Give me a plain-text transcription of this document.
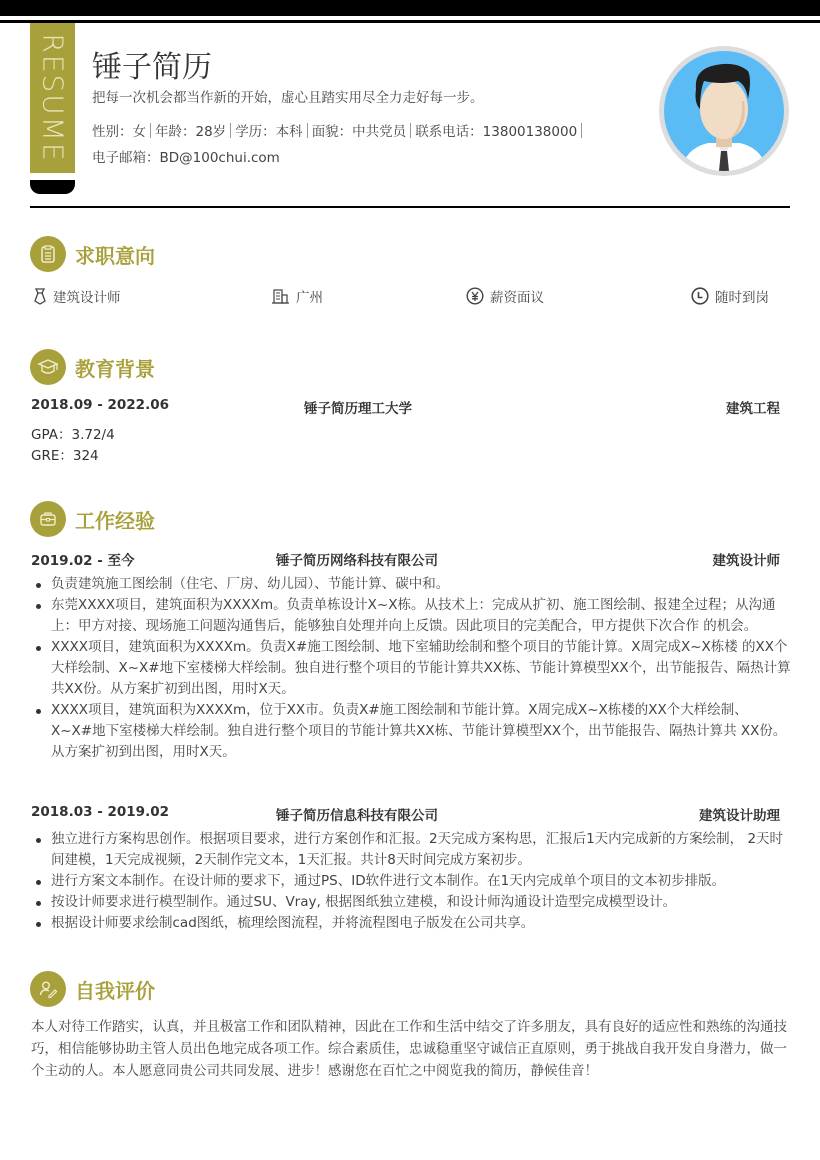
RESUME 锤子简历
把每一次机会都当作新的开始，虚心且踏实用尽全力走好每一步。
性别：女 年龄：28岁 学历：本科 面貌：中共党员 联系电话：13800138000
电子邮箱：BD@100chui.com
求职意向
建筑设计师	广州	薪资面议	随时到岗
教育背景
2018.09 - 2022.06	锤子简历理工大学	建筑工程
GPA：3.72/4
GRE：324
工作经验
2019.02 - 至今	锤子简历网络科技有限公司	建筑设计师
负责建筑施工图绘制（住宅、厂房、幼儿园）、节能计算、碳中和。
东莞XXXX项目，建筑面积为XXXXm。负责单栋设计X~X栋。从技术上：完成从扩初、施工图绘制、报建全过程；从沟通上：甲方对接、现场施工问题沟通售后，能够独自处理并向上反馈。因此项目的完美配合，甲方提供下次合作 的机会。
XXXX项目，建筑面积为XXXXm。负责X#施工图绘制、地下室辅助绘制和整个项目的节能计算。X周完成X~X栋楼 的XX个大样绘制、X~X#地下室楼梯大样绘制。独自进行整个项目的节能计算共XX栋、节能计算模型XX个，出节能报告、隔热计算共XX份。从方案扩初到出图，用时X天。
XXXX项目，建筑面积为XXXXm，位于XX市。负责X#施工图绘制和节能计算。X周完成X~X栋楼的XX个大样绘制、 X~X#地下室楼梯大样绘制。独自进行整个项目的节能计算共XX栋、节能计算模型XX个，出节能报告、隔热计算共 XX份。从方案扩初到出图，用时X天。
2018.03 - 2019.02	锤子简历信息科技有限公司	建筑设计助理
独立进行方案构思创作。根据项目要求，进行方案创作和汇报。2天完成方案构思，汇报后1天内完成新的方案绘制， 2天时间建模，1天完成视频，2天制作完文本，1天汇报。共计8天时间完成方案初步。
进行方案文本制作。在设计师的要求下，通过PS、ID软件进行文本制作。在1天内完成单个项目的文本初步排版。
按设计师要求进行模型制作。通过SU、Vray, 根据图纸独立建模，和设计师沟通设计造型完成模型设计。
根据设计师要求绘制cad图纸，梳理绘图流程，并将流程图电子版发在公司共享。
自我评价
本人对待工作踏实，认真，并且极富工作和团队精神，因此在工作和生活中结交了许多朋友，具有良好的适应性和熟练的沟通技巧，相信能够协助主管人员出色地完成各项工作。综合素质佳，忠诚稳重坚守诚信正直原则，勇于挑战自我开发自身潜力，做一个主动的人。本人愿意同贵公司共同发展、进步！感谢您在百忙之中阅览我的简历，静候佳音！
